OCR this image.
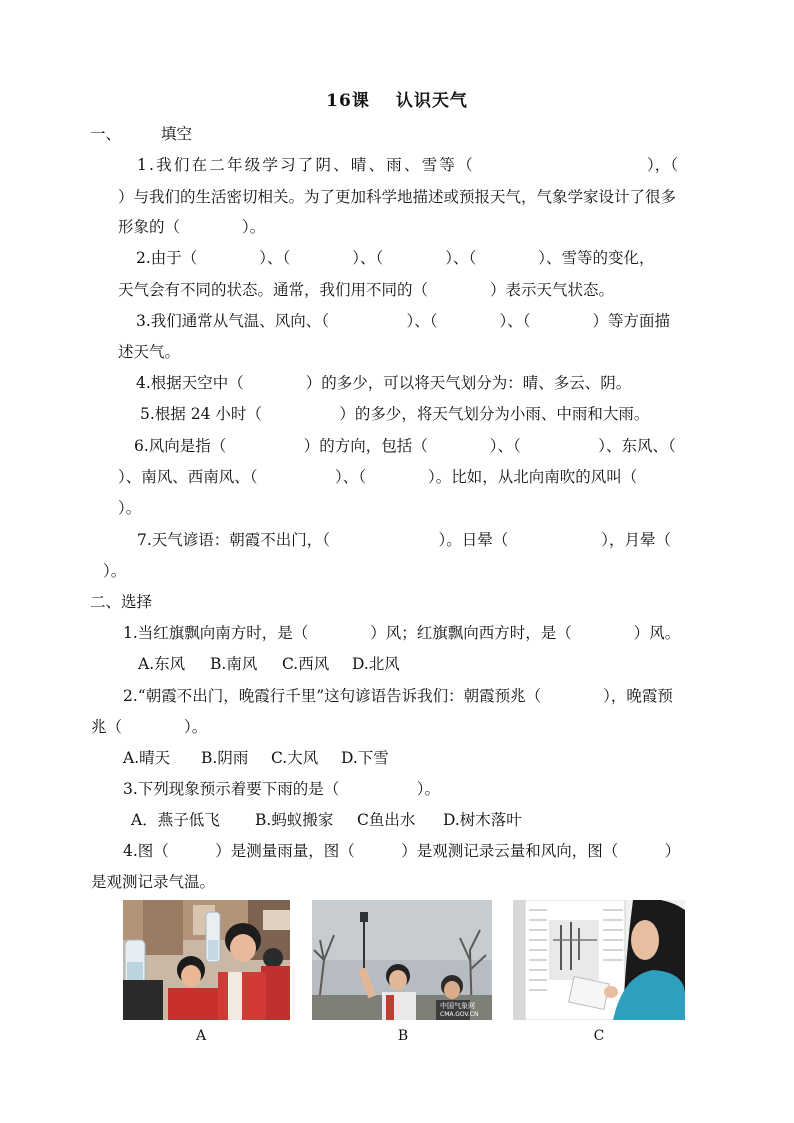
16课 认识天气
一、	填空
1.我们在二年级学习了阴、晴、雨、雪等（	），（
）与我们的生活密切相关。为了更加科学地描述或预报天气，气象学家设计了很多
形象的（　　　　）。
2.由于（　　　　）、（　　　　）、（　　　　）、（　　　　）、雪等的变化，
天气会有不同的状态。通常，我们用不同的（　　　　）表示天气状态。
3.我们通常从气温、风向、（　　　　　）、（　　　　）、（　　　　）等方面描
述天气。
4.根据天空中（　　　　）的多少，可以将天气划分为：晴、多云、阴。
5.根据 24 小时（　　　　　）的多少，将天气划分为小雨、中雨和大雨。
6.风向是指（　　　　　）的方向，包括（　　　　）、（　　　　　）、东风、（
）、南风、西南风、（　　　　　）、（　　　　）。比如，从北向南吹的风叫（
）。
7.天气谚语：朝霞不出门，（　　　　　　　）。日晕（　　　　　　），月晕（
）。
二、选择
1.当红旗飘向南方时，是（　　　　）风；红旗飘向西方时，是（　　　　）风。
A.东风 B.南风 C.西风 D.北风
2.“朝霞不出门，晚霞行千里”这句谚语告诉我们：朝霞预兆（　　　　），晚霞预
兆（　　　　）。
A.晴天 B.阴雨 C.大风 D.下雪
3.下列现象预示着要下雨的是（　　　　　）。
A．燕子低飞 B.蚂蚁搬家 C鱼出水 D.树木落叶
4.图（　　　）是测量雨量，图（　　　）是观测记录云量和风向，图（　　　）
是观测记录气温。
中国气象网
CMA.GOV.CN
A	B	C
